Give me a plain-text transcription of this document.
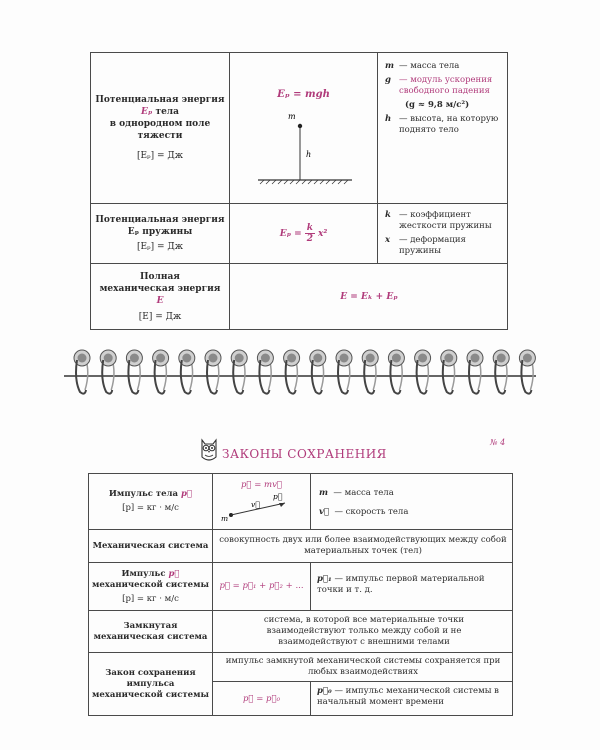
Потенциальная энергия
Eₚ тела
в однородном поле
тяжести
[Eₚ] = Дж
Eₚ = mgh
m
h
m — масса тела
g — модуль ускорения свободного падения
(g ≈ 9,8 м/с²)
h — высота, на которую поднято тело
Потенциальная энергия
Eₚ пружины
[Eₚ] = Дж
$E_p = \frac{k}{2} x^2$
k — коэффициент жесткости пружины
x	— деформация пружины
Полная
механическая энергия
E
[E] = Дж
E = Eₖ + Eₚ
ЗАКОНЫ СОХРАНЕНИЯ
№ 4
Импульс тела p⃗
[p] = кг · м/с
p⃗ = mv⃗
m
v⃗
p⃗	m — масса тела
v⃗ — скорость тела
Механическая система
совокупность двух или более взаимодействующих между собой материальных точек (тел)
Импульс p⃗
механической системы
[p] = кг · м/с
p⃗ = p⃗₁ + p⃗₂ + ...
p⃗₁ — импульс первой материальной точки и т. д.
Замкнутая
механическая система
система, в которой все материальные точки взаимодействуют только между собой и не взаимодействуют с внешними телами
Закон сохранения
импульса
механической системы
импульс замкнутой механической системы сохраняется при любых взаимодействиях
p⃗ = p⃗₀
p⃗₀ — импульс механической системы в начальный момент времени
